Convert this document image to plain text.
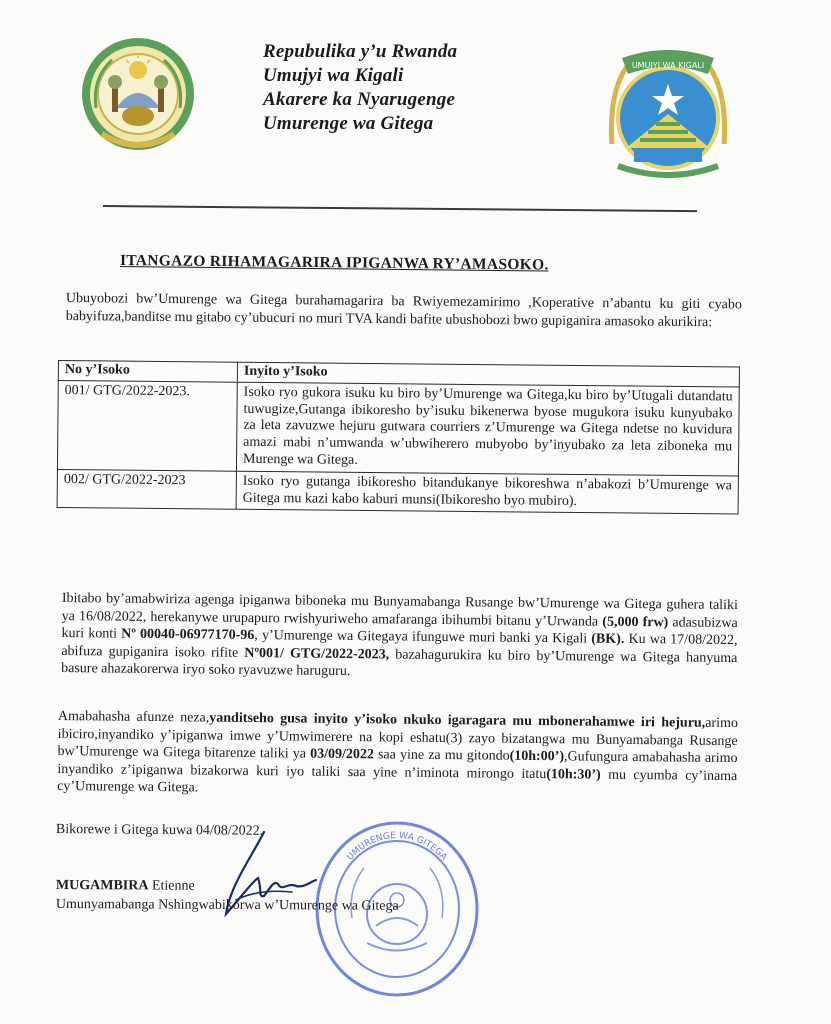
Repubulika y’u Rwanda
Umujyi wa Kigali
Akarere ka Nyarugenge
Umurenge wa Gitega
UMUJYI WA KIGALI
ITANGAZO RIHAMAGARIRA IPIGANWA RY’AMASOKO.
Ubuyobozi bw’Umurenge wa Gitega burahamagarira ba Rwiyemezamirimo ,Koperative n’abantu ku giti cyabo babyifuza,banditse mu gitabo cy’ubucuri no muri TVA kandi bafite ubushobozi bwo gupiganira amasoko akurikira:
No y’Isoko	Inyito y’Isoko
001/ GTG/2022-2023.	Isoko ryo gukora isuku ku biro by’Umurenge wa Gitega,ku biro by’Utugali dutandatu tuwugize,Gutanga ibikoresho by’isuku bikenerwa byose mugukora isuku kunyubako za leta zavuzwe hejuru gutwara courriers z’Umurenge wa Gitega ndetse no kuvidura amazi mabi n’umwanda w’ubwiherero mubyobo by’inyubako za leta ziboneka mu Murenge wa Gitega.
002/ GTG/2022-2023	Isoko ryo gutanga ibikoresho bitandukanye bikoreshwa n’abakozi b’Umurenge wa Gitega mu kazi kabo kaburi munsi(Ibikoresho byo mubiro).
Ibitabo by’amabwiriza agenga ipiganwa biboneka mu Bunyamabanga Rusange bw’Umurenge wa Gitega guhera taliki ya 16/08/2022, herekanywe urupapuro rwishyuriweho amafaranga ibihumbi bitanu y’Urwanda (5,000 frw) adasubizwa kuri konti Nº 00040-06977170-96, y’Umurenge wa Gitegaya ifunguwe muri banki ya Kigali (BK). Ku wa 17/08/2022, abifuza gupiganira isoko rifite Nº001/ GTG/2022-2023, bazahagurukira ku biro by’Umurenge wa Gitega hanyuma basure ahazakorerwa iryo soko ryavuzwe haruguru.
Amabahasha afunze neza,yanditseho gusa inyito y’isoko nkuko igaragara mu mbonerahamwe iri hejuru,arimo ibiciro,inyandiko y’ipiganwa imwe y’Umwimerere na kopi eshatu(3) zayo bizatangwa mu Bunyamabanga Rusange bw’Umurenge wa Gitega bitarenze taliki ya 03/09/2022 saa yine za mu gitondo(10h:00’),Gufungura amabahasha arimo inyandiko z’ipiganwa bizakorwa kuri iyo taliki saa yine n’iminota mirongo itatu(10h:30’) mu cyumba cy’inama cy’Umurenge wa Gitega.
Bikorewe i Gitega kuwa 04/08/2022.
UMURENGE WA GITEGA
MUGAMBIRA Etienne
Umunyamabanga Nshingwabikorwa w’Umurenge wa Gitega
